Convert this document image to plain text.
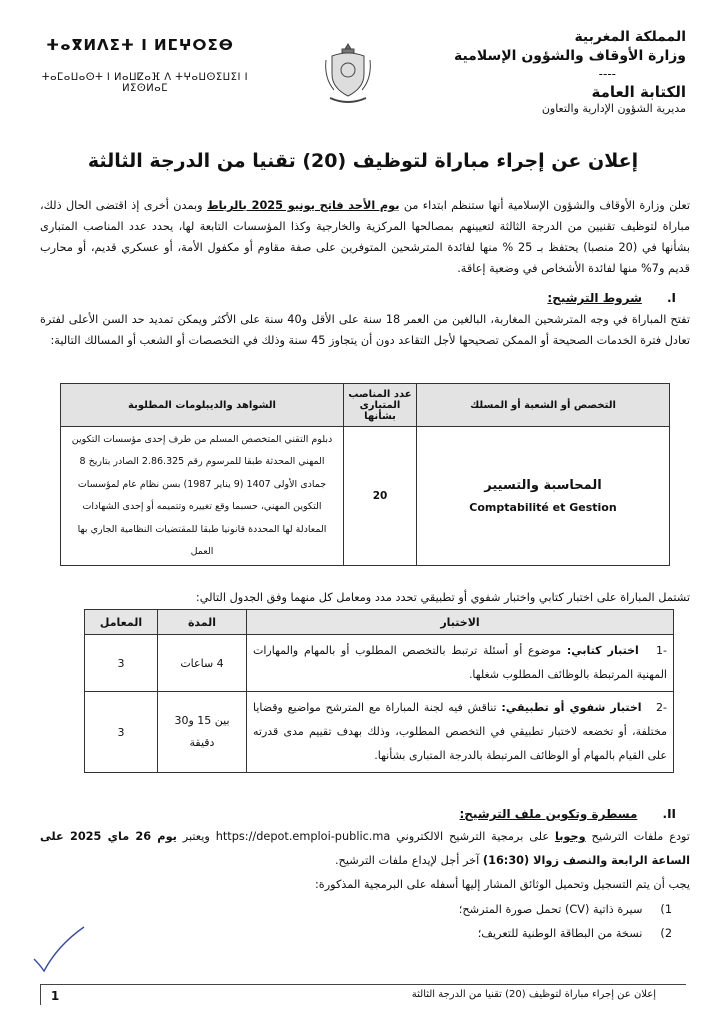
المملكة المغربية
وزارة الأوقاف والشؤون الإسلامية
----
الكتابة العامة
مديرية الشؤون الإدارية والتعاون
ⵜⴰⴳⵍⴷⵉⵜ ⵏ ⵍⵎⵖⵔⵉⴱ
ⵜⴰⵎⴰⵡⴰⵙⵜ ⵏ ⵍⴰⵡⵇⴰⴼ ⴷ ⵜⵖⴰⵡⵙⵉⵡⵉⵏ ⵏ ⵍⵉⵙⵍⴰⵎ
إعلان عن إجراء مباراة لتوظيف (20) تقنيا من الدرجة الثالثة
تعلن وزارة الأوقاف والشؤون الإسلامية أنها ستنظم ابتداء من يوم الأحد فاتح يونيو 2025 بالرباط وبمدن أخرى إذ اقتضى الحال ذلك، مباراة لتوظيف تقنيين من الدرجة الثالثة لتعيينهم بمصالحها المركزية والخارجية وكذا المؤسسات التابعة لها، يحدد عدد المناصب المتبارى بشأنها في (20 منصبا) يحتفظ بـ 25 % منها لفائدة المترشحين المتوفرين على صفة مقاوم أو مكفول الأمة، أو عسكري قديم، أو محارب قديم و7% منها لفائدة الأشخاص في وضعية إعاقة.
I.      شروط الترشيح:
تفتح المباراة في وجه المترشحين المغاربة، البالغين من العمر 18 سنة على الأقل و40 سنة على الأكثر ويمكن تمديد حد السن الأعلى لفترة تعادل فترة الخدمات الصحيحة أو الممكن تصحيحها لأجل التقاعد دون أن يتجاوز 45 سنة وذلك في التخصصات أو الشعب أو المسالك التالية:
التخصص أو الشعبة أو المسلك	عدد المناصب المتبارى بشأنها	الشواهد والديبلومات المطلوبة

المحاسبة والتسيير
Comptabilité et Gestion	20	دبلوم التقني المتخصص المسلم من طرف إحدى مؤسسات التكوين المهني المحدثة طبقا للمرسوم رقم 2.86.325 الصادر بتاريخ 8 جمادى الأولى 1407 (9 يناير 1987) بسن نظام عام لمؤسسات التكوين المهني، حسبما وقع تغييره وتتميمه أو إحدى الشهادات المعادلة لها المحددة قانونيا طبقا للمقتضيات النظامية الجاري بها العمل
تشتمل المباراة على اختبار كتابي واختبار شفوي أو تطبيقي تحدد مدد ومعامل كل منهما وفق الجدول التالي:
الاختبار	المدة	المعامل
-1   اختبار كتابي: موضوع أو أسئلة ترتبط بالتخصص المطلوب أو بالمهام والمهارات المهنية المرتبطة بالوظائف المطلوب شغلها.	4 ساعات	3
-2   اختبار شفوي أو تطبيقي: تناقش فيه لجنة المباراة مع المترشح مواضيع وقضايا مختلفة، أو تخضعه لاختبار تطبيقي في التخصص المطلوب، وذلك بهدف تقييم مدى قدرته على القيام بالمهام أو الوظائف المرتبطة بالدرجة المتبارى بشأنها.	بين 15 و30 دقيقة	3
II.      مسطرة وتكوين ملف الترشيح:
تودع ملفات الترشيح وجوبا على برمجية الترشيح الالكتروني https://depot.emploi-public.ma ويعتبر يوم 26 ماي 2025 على الساعة الرابعة والنصف زوالا (16:30) آخر أجل لإيداع ملفات الترشيح.
يجب أن يتم التسجيل وتحميل الوثائق المشار إليها أسفله على البرمجية المذكورة:
1)     سيرة ذاتية (CV) تحمل صورة المترشح؛
2)     نسخة من البطاقة الوطنية للتعريف؛
إعلان عن إجراء مباراة لتوظيف (20) تقنيا من الدرجة الثالثة
1
